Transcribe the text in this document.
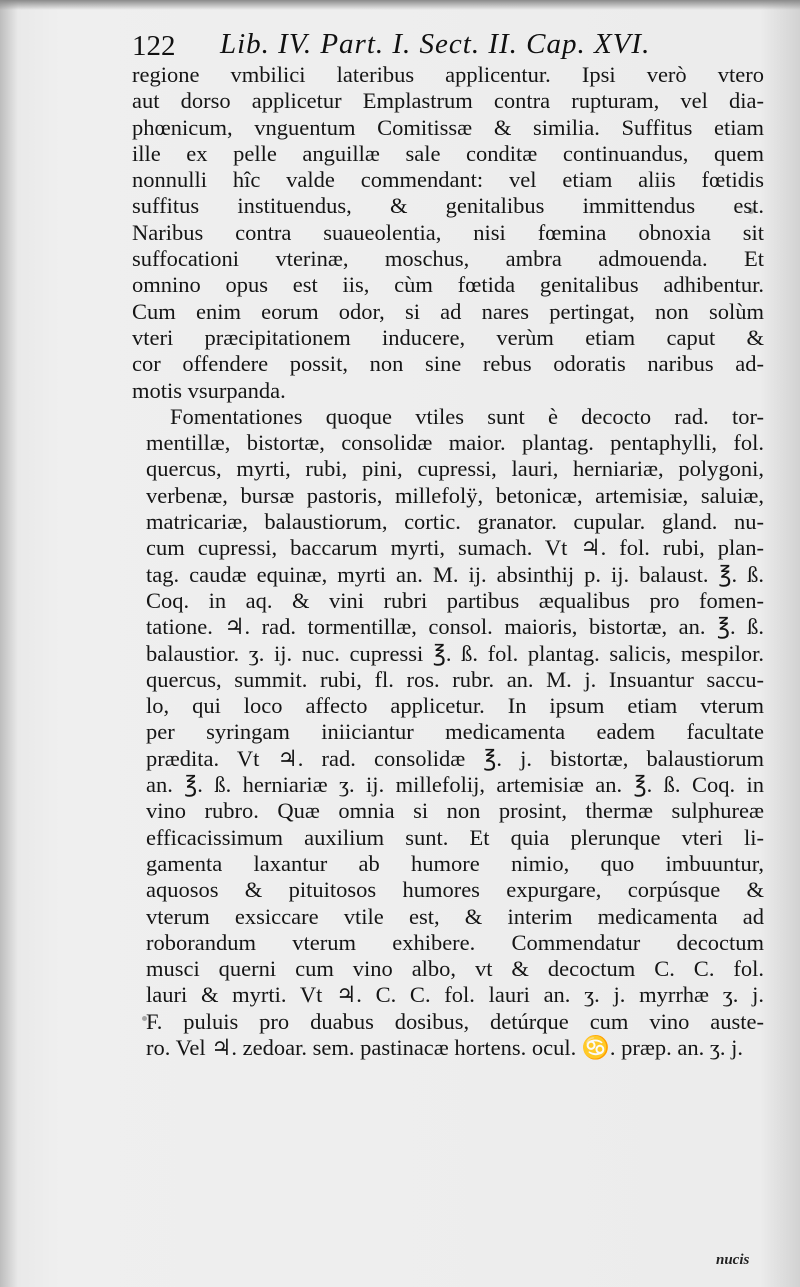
122 Lib. IV. Part. I. Sect. II. Cap. XVI.
regione vmbilici lateribus applicentur. Ipsi verò vtero
aut dorso applicetur Emplastrum contra rupturam, vel dia-
phœnicum, vnguentum Comitissæ & similia. Suffitus etiam
ille ex pelle anguillæ sale conditæ continuandus, quem
nonnulli hîc valde commendant: vel etiam aliis fœtidis
suffitus instituendus, & genitalibus immittendus est.
Naribus contra suaueolentia, nisi fœmina obnoxia sit
suffocationi vterinæ, moschus, ambra admouenda. Et
omnino opus est iis, cùm fœtida genitalibus adhibentur.
Cum enim eorum odor, si ad nares pertingat, non solùm
vteri præcipitationem inducere, verùm etiam caput &
cor offendere possit, non sine rebus odoratis naribus ad-
motis vsurpanda.
Fomentationes quoque vtiles sunt è decocto rad. tor-
mentillæ, bistortæ, consolidæ maior. plantag. pentaphylli, fol.
quercus, myrti, rubi, pini, cupressi, lauri, herniariæ, polygoni,
verbenæ, bursæ pastoris, millefolÿ, betonicæ, artemisiæ, saluiæ,
matricariæ, balaustiorum, cortic. granator. cupular. gland. nu-
cum cupressi, baccarum myrti, sumach. Vt ♃. fol. rubi, plan-
tag. caudæ equinæ, myrti an. M. ij. absinthij p. ij. balaust. ℥. ß.
Coq. in aq. & vini rubri partibus æqualibus pro fomen-
tatione. ♃. rad. tormentillæ, consol. maioris, bistortæ, an. ℥. ß.
balaustior. ʒ. ij. nuc. cupressi ℥. ß. fol. plantag. salicis, mespilor.
quercus, summit. rubi, fl. ros. rubr. an. M. j. Insuantur saccu-
lo, qui loco affecto applicetur. In ipsum etiam vterum
per syringam iniiciantur medicamenta eadem facultate
prædita. Vt ♃. rad. consolidæ ℥. j. bistortæ, balaustiorum
an. ℥. ß. herniariæ ʒ. ij. millefolij, artemisiæ an. ℥. ß. Coq. in
vino rubro. Quæ omnia si non prosint, thermæ sulphureæ
efficacissimum auxilium sunt. Et quia plerunque vteri li-
gamenta laxantur ab humore nimio, quo imbuuntur,
aquosos & pituitosos humores expurgare, corpúsque &
vterum exsiccare vtile est, & interim medicamenta ad
roborandum vterum exhibere. Commendatur decoctum
musci querni cum vino albo, vt & decoctum C. C. fol.
lauri & myrti. Vt ♃. C. C. fol. lauri an. ʒ. j. myrrhæ ʒ. j.
F. puluis pro duabus dosibus, detúrque cum vino auste-
ro. Vel ♃. zedoar. sem. pastinacæ hortens. ocul. ♋. præp. an. ʒ. j.
nucis
